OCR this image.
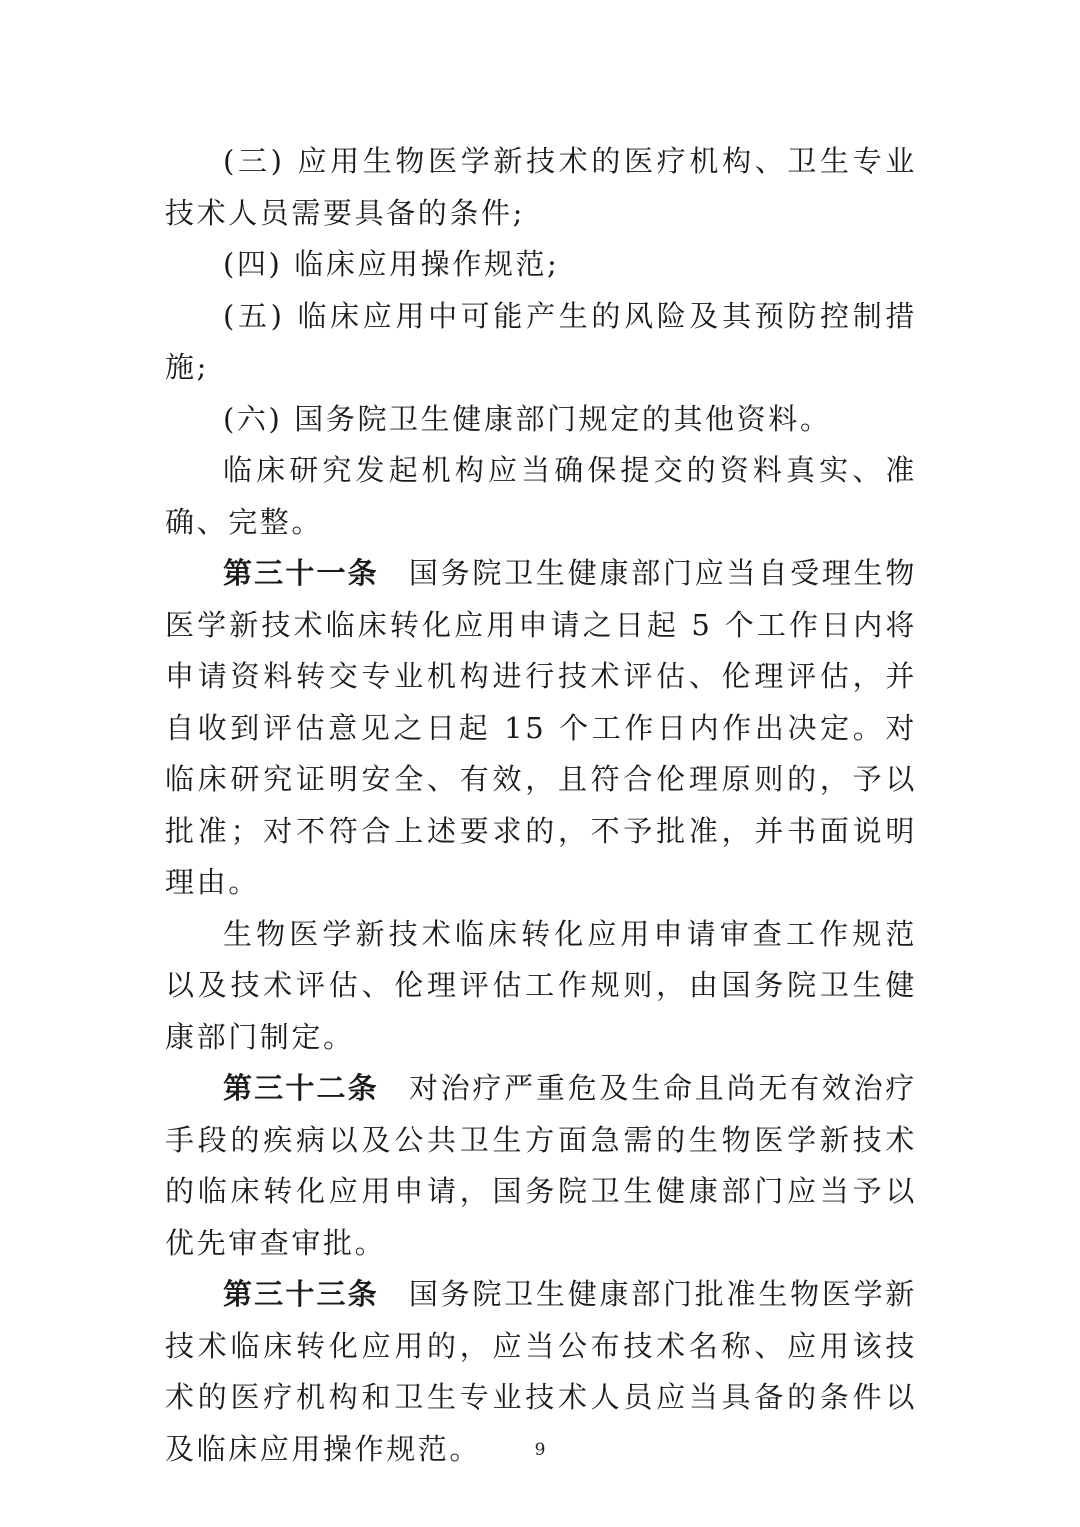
(三) 应用生物医学新技术的医疗机构、卫生专业技术人员需要具备的条件;

(四) 临床应用操作规范;

(五) 临床应用中可能产生的风险及其预防控制措施;

(六) 国务院卫生健康部门规定的其他资料。

临床研究发起机构应当确保提交的资料真实、准确、完整。

第三十一条 国务院卫生健康部门应当自受理生物医学新技术临床转化应用申请之日起 5 个工作日内将申请资料转交专业机构进行技术评估、伦理评估，并自收到评估意见之日起 15 个工作日内作出决定。对临床研究证明安全、有效，且符合伦理原则的，予以批准；对不符合上述要求的，不予批准，并书面说明理由。

生物医学新技术临床转化应用申请审查工作规范以及技术评估、伦理评估工作规则，由国务院卫生健康部门制定。

第三十二条 对治疗严重危及生命且尚无有效治疗手段的疾病以及公共卫生方面急需的生物医学新技术的临床转化应用申请，国务院卫生健康部门应当予以优先审查审批。

第三十三条 国务院卫生健康部门批准生物医学新技术临床转化应用的，应当公布技术名称、应用该技术的医疗机构和卫生专业技术人员应当具备的条件以及临床应用操作规范。	9
